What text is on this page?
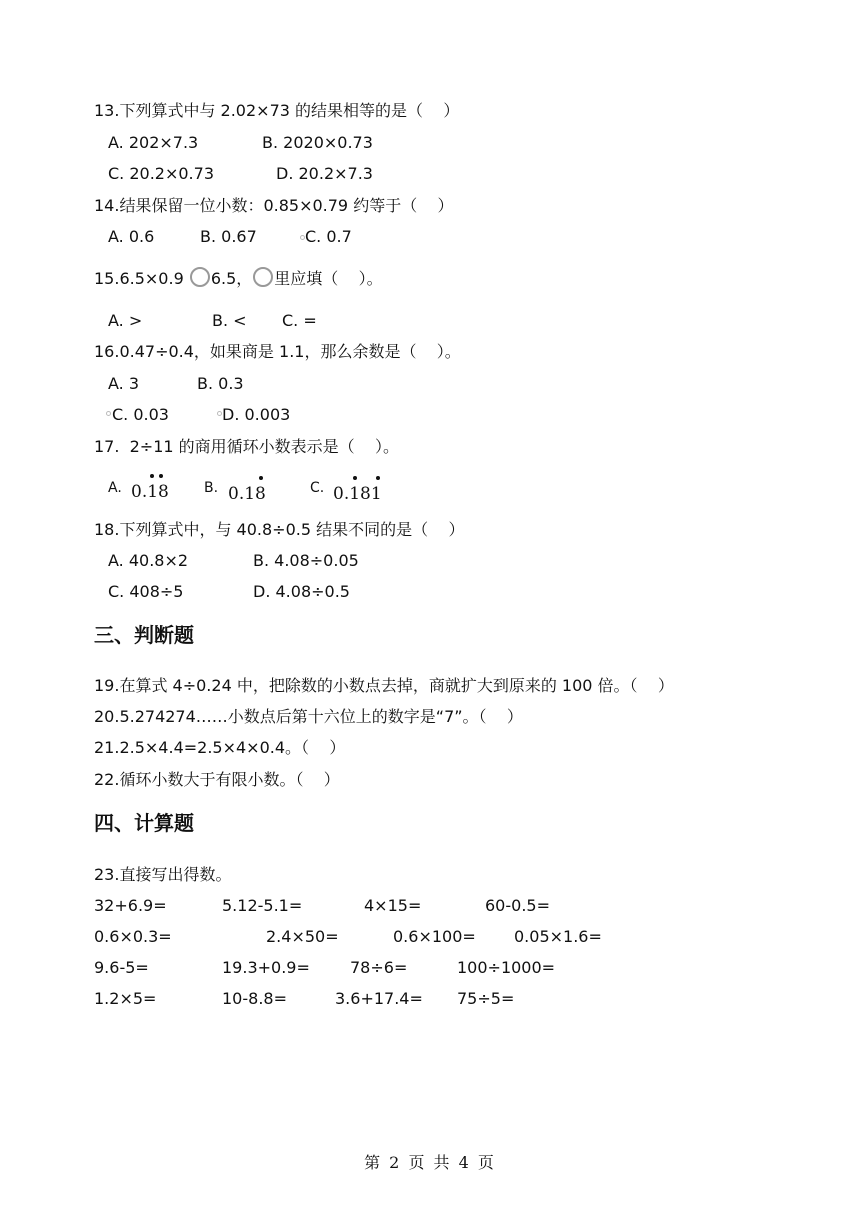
13.下列算式中与 2.02×73 的结果相等的是（    ）
A. 202×7.3	B. 2020×0.73
C. 20.2×0.73	D. 20.2×7.3
14.结果保留一位小数：0.85×0.79 约等于（    ）
A. 0.6	B. 0.67	C. 0.7
15.6.5×0.9 6.5， 里应填（    ）。
A. >	B. < C. =
16.0.47÷0.4，如果商是 1.1，那么余数是（    ）。
A. 3	B. 0.3
C. 0.03	D. 0.003
17.  2÷11 的商用循环小数表示是（    ）。
A. 0.18	B. 0.18	C. 0.181
18.下列算式中，与 40.8÷0.5 结果不同的是（    ）
A. 40.8×2	B. 4.08÷0.05
C. 408÷5	D. 4.08÷0.5
三、判断题
19.在算式 4÷0.24 中，把除数的小数点去掉，商就扩大到原来的 100 倍。（    ）
20.5.274274……小数点后第十六位上的数字是“7”。（    ）
21.2.5×4.4=2.5×4×0.4。（    ）
22.循环小数大于有限小数。（    ）
四、计算题
23.直接写出得数。
32+6.9=	5.12-5.1=	4×15=	60-0.5=
0.6×0.3=	2.4×50=	0.6×100= 0.05×1.6=
9.6-5=	19.3+0.9=	78÷6=	100÷1000=
1.2×5=	10-8.8=	3.6+17.4= 75÷5=
第 2 页 共 4 页
